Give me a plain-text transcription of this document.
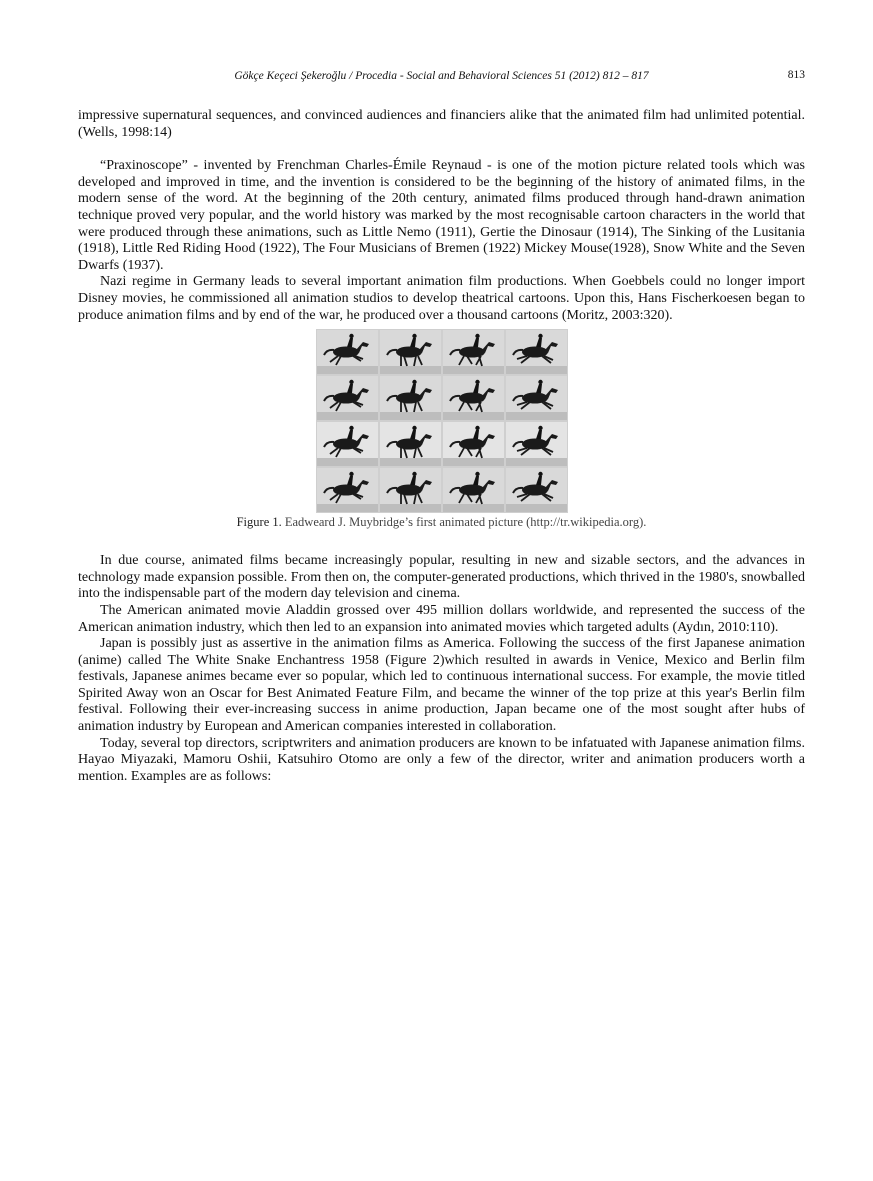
Gökçe Keçeci Şekeroğlu / Procedia - Social and Behavioral Sciences 51 (2012) 812 – 817	813

impressive supernatural sequences, and convinced audiences and financiers alike that the animated film had unlimited potential. (Wells, 1998:14)

“Praxinoscope” - invented by Frenchman Charles-Émile Reynaud - is one of the motion picture related tools which was developed and improved in time, and the invention is considered to be the beginning of the history of animated films, in the modern sense of the word. At the beginning of the 20th century, animated films produced through hand-drawn animation technique proved very popular, and the world history was marked by the most recognisable cartoon characters in the world that were produced through these animations, such as Little Nemo (1911), Gertie the Dinosaur (1914), The Sinking of the Lusitania (1918), Little Red Riding Hood (1922), The Four Musicians of Bremen (1922) Mickey Mouse(1928), Snow White and the Seven Dwarfs (1937).

Nazi regime in Germany leads to several important animation film productions. When Goebbels could no longer import Disney movies, he commissioned all animation studios to develop theatrical cartoons. Upon this, Hans Fischerkoesen began to produce animation films and by end of the war, he produced over a thousand cartoons (Moritz, 2003:320).

Figure 1. Eadweard J. Muybridge’s first animated picture (http://tr.wikipedia.org).

In due course, animated films became increasingly popular, resulting in new and sizable sectors, and the advances in technology made expansion possible. From then on, the computer-generated productions, which thrived in the 1980's, snowballed into the indispensable part of the modern day television and cinema.

The American animated movie Aladdin grossed over 495 million dollars worldwide, and represented the success of the American animation industry, which then led to an expansion into animated movies which targeted adults (Aydın, 2010:110).

Japan is possibly just as assertive in the animation films as America. Following the success of the first Japanese animation (anime) called The White Snake Enchantress 1958 (Figure 2)which resulted in awards in Venice, Mexico and Berlin film festivals, Japanese animes became ever so popular, which led to continuous international success. For example, the movie titled Spirited Away won an Oscar for Best Animated Feature Film, and became the winner of the top prize at this year's Berlin film festival. Following their ever-increasing success in anime production, Japan became one of the most sought after hubs of animation industry by European and American companies interested in collaboration.

Today, several top directors, scriptwriters and animation producers are known to be infatuated with Japanese animation films. Hayao Miyazaki, Mamoru Oshii, Katsuhiro Otomo are only a few of the director, writer and animation producers worth a mention. Examples are as follows:
